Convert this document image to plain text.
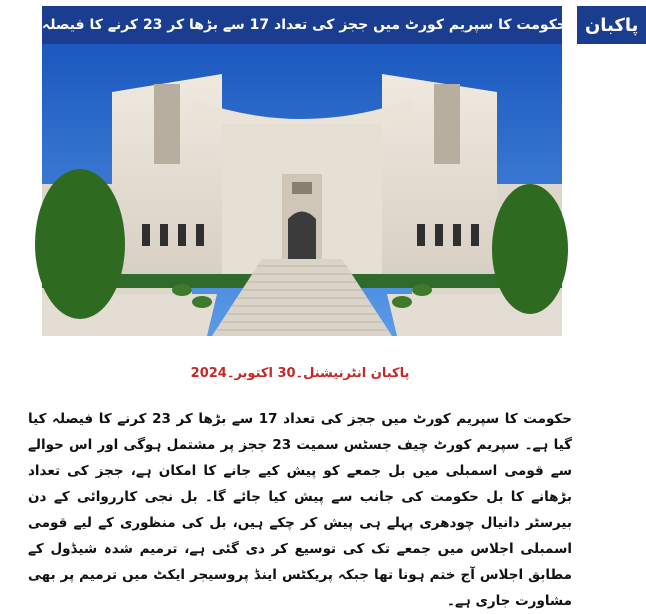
حکومت کا سپریم کورٹ میں ججز کی تعداد 17 سے بڑھا کر 23 کرنے کا فیصلہ	پاکبان
پاکبان انٹرنیشنل۔30 اکتوبر۔2024

حکومت کا سپریم کورٹ میں ججز کی تعداد 17 سے بڑھا کر 23 کرنے کا فیصلہ کیا گیا ہے۔ سپریم کورٹ چیف جسٹس سمیت 23 ججز پر مشتمل ہوگی اور اس حوالے سے قومی اسمبلی میں بل جمعے کو پیش کیے جانے کا امکان ہے، ججز کی تعداد بڑھانے کا بل حکومت کی جانب سے پیش کیا جائے گا۔ بل نجی کارروائی کے دن بیرسٹر دانیال چودھری پہلے ہی پیش کر چکے ہیں، بل کی منظوری کے لیے قومی اسمبلی اجلاس میں جمعے تک کی توسیع کر دی گئی ہے، ترمیم شدہ شیڈول کے مطابق اجلاس آج ختم ہونا تھا جبکہ پریکٹس اینڈ پروسیجر ایکٹ میں ترمیم پر بھی مشاورت جاری ہے۔
